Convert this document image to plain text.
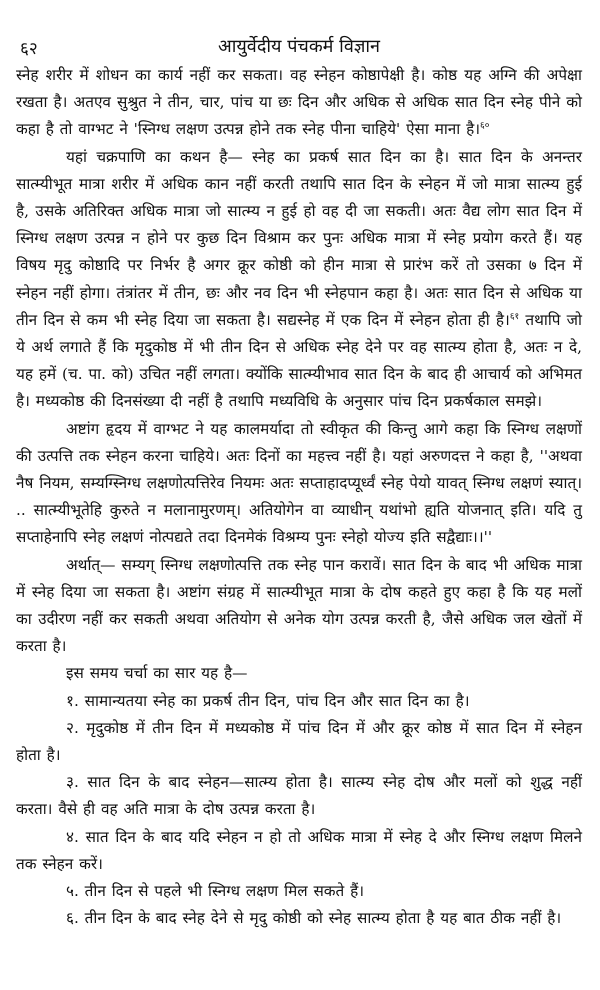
६२	आयुर्वेदीय पंचकर्म विज्ञान

स्नेह शरीर में शोधन का कार्य नहीं कर सकता। वह स्नेहन कोष्ठापेक्षी है। कोष्ठ यह अग्नि की अपेक्षा रखता है। अतएव सुश्रुत ने तीन, चार, पांच या छः दिन और अधिक से अधिक सात दिन स्नेह पीने को कहा है तो वाग्भट ने 'स्निग्ध लक्षण उत्पन्न होने तक स्नेह पीना चाहिये' ऐसा माना है।$^{६०}$

यहां चक्रपाणि का कथन है— स्नेह का प्रकर्ष सात दिन का है। सात दिन के अनन्तर सात्म्यीभूत मात्रा शरीर में अधिक कान नहीं करती तथापि सात दिन के स्नेहन में जो मात्रा सात्म्य हुई है, उसके अतिरिक्त अधिक मात्रा जो सात्म्य न हुई हो वह दी जा सकती। अतः वैद्य लोग सात दिन में स्निग्ध लक्षण उत्पन्न न होने पर कुछ दिन विश्राम कर पुनः अधिक मात्रा में स्नेह प्रयोग करते हैं। यह विषय मृदु कोष्ठादि पर निर्भर है अगर क्रूर कोष्ठी को हीन मात्रा से प्रारंभ करें तो उसका ७ दिन में स्नेहन नहीं होगा। तंत्रांतर में तीन, छः और नव दिन भी स्नेहपान कहा है। अतः सात दिन से अधिक या तीन दिन से कम भी स्नेह दिया जा सकता है। सद्यस्नेह में एक दिन में स्नेहन होता ही है।$^{६१}$ तथापि जो ये अर्थ लगाते हैं कि मृदुकोष्ठ में भी तीन दिन से अधिक स्नेह देने पर वह सात्म्य होता है, अतः न दे, यह हमें (च. पा. को) उचित नहीं लगता। क्योंकि सात्म्यीभाव सात दिन के बाद ही आचार्य को अभिमत है। मध्यकोष्ठ की दिनसंख्या दी नहीं है तथापि मध्यविधि के अनुसार पांच दिन प्रकर्षकाल समझे।

अष्टांग हृदय में वाग्भट ने यह कालमर्यादा तो स्वीकृत की किन्तु आगे कहा कि स्निग्ध लक्षणों की उत्पत्ति तक स्नेहन करना चाहिये। अतः दिनों का महत्त्व नहीं है। यहां अरुणदत्त ने कहा है, ''अथवा नैष नियम, सम्यग्स्निग्ध लक्षणोत्पत्तिरेव नियमः अतः सप्ताहादप्यूर्ध्वं स्नेह पेयो यावत् स्निग्ध लक्षणं स्यात्। .. सात्म्यीभूतेहि कुरुते न मलानामुरणम्। अतियोगेन वा व्याधीन् यथांभो ह्यति योजनात् इति। यदि तु सप्ताहेनापि स्नेह लक्षणं नोत्पद्यते तदा दिनमेकं विश्रम्य पुनः स्नेहो योज्य इति सद्वैद्याः।।''

अर्थात्— सम्यग् स्निग्ध लक्षणोत्पत्ति तक स्नेह पान करावें। सात दिन के बाद भी अधिक मात्रा में स्नेह दिया जा सकता है। अष्टांग संग्रह में सात्म्यीभूत मात्रा के दोष कहते हुए कहा है कि यह मलों का उदीरण नहीं कर सकती अथवा अतियोग से अनेक योग उत्पन्न करती है, जैसे अधिक जल खेतों में करता है।

इस समय चर्चा का सार यह है—

१. सामान्यतया स्नेह का प्रकर्ष तीन दिन, पांच दिन और सात दिन का है।

२. मृदुकोष्ठ में तीन दिन में मध्यकोष्ठ में पांच दिन में और क्रूर कोष्ठ में सात दिन में स्नेहन होता है।

३. सात दिन के बाद स्नेहन—सात्म्य होता है। सात्म्य स्नेह दोष और मलों को शुद्ध नहीं करता। वैसे ही वह अति मात्रा के दोष उत्पन्न करता है।

४. सात दिन के बाद यदि स्नेहन न हो तो अधिक मात्रा में स्नेह दे और स्निग्ध लक्षण मिलने तक स्नेहन करें।

५. तीन दिन से पहले भी स्निग्ध लक्षण मिल सकते हैं।

६. तीन दिन के बाद स्नेह देने से मृदु कोष्ठी को स्नेह सात्म्य होता है यह बात ठीक नहीं है।
